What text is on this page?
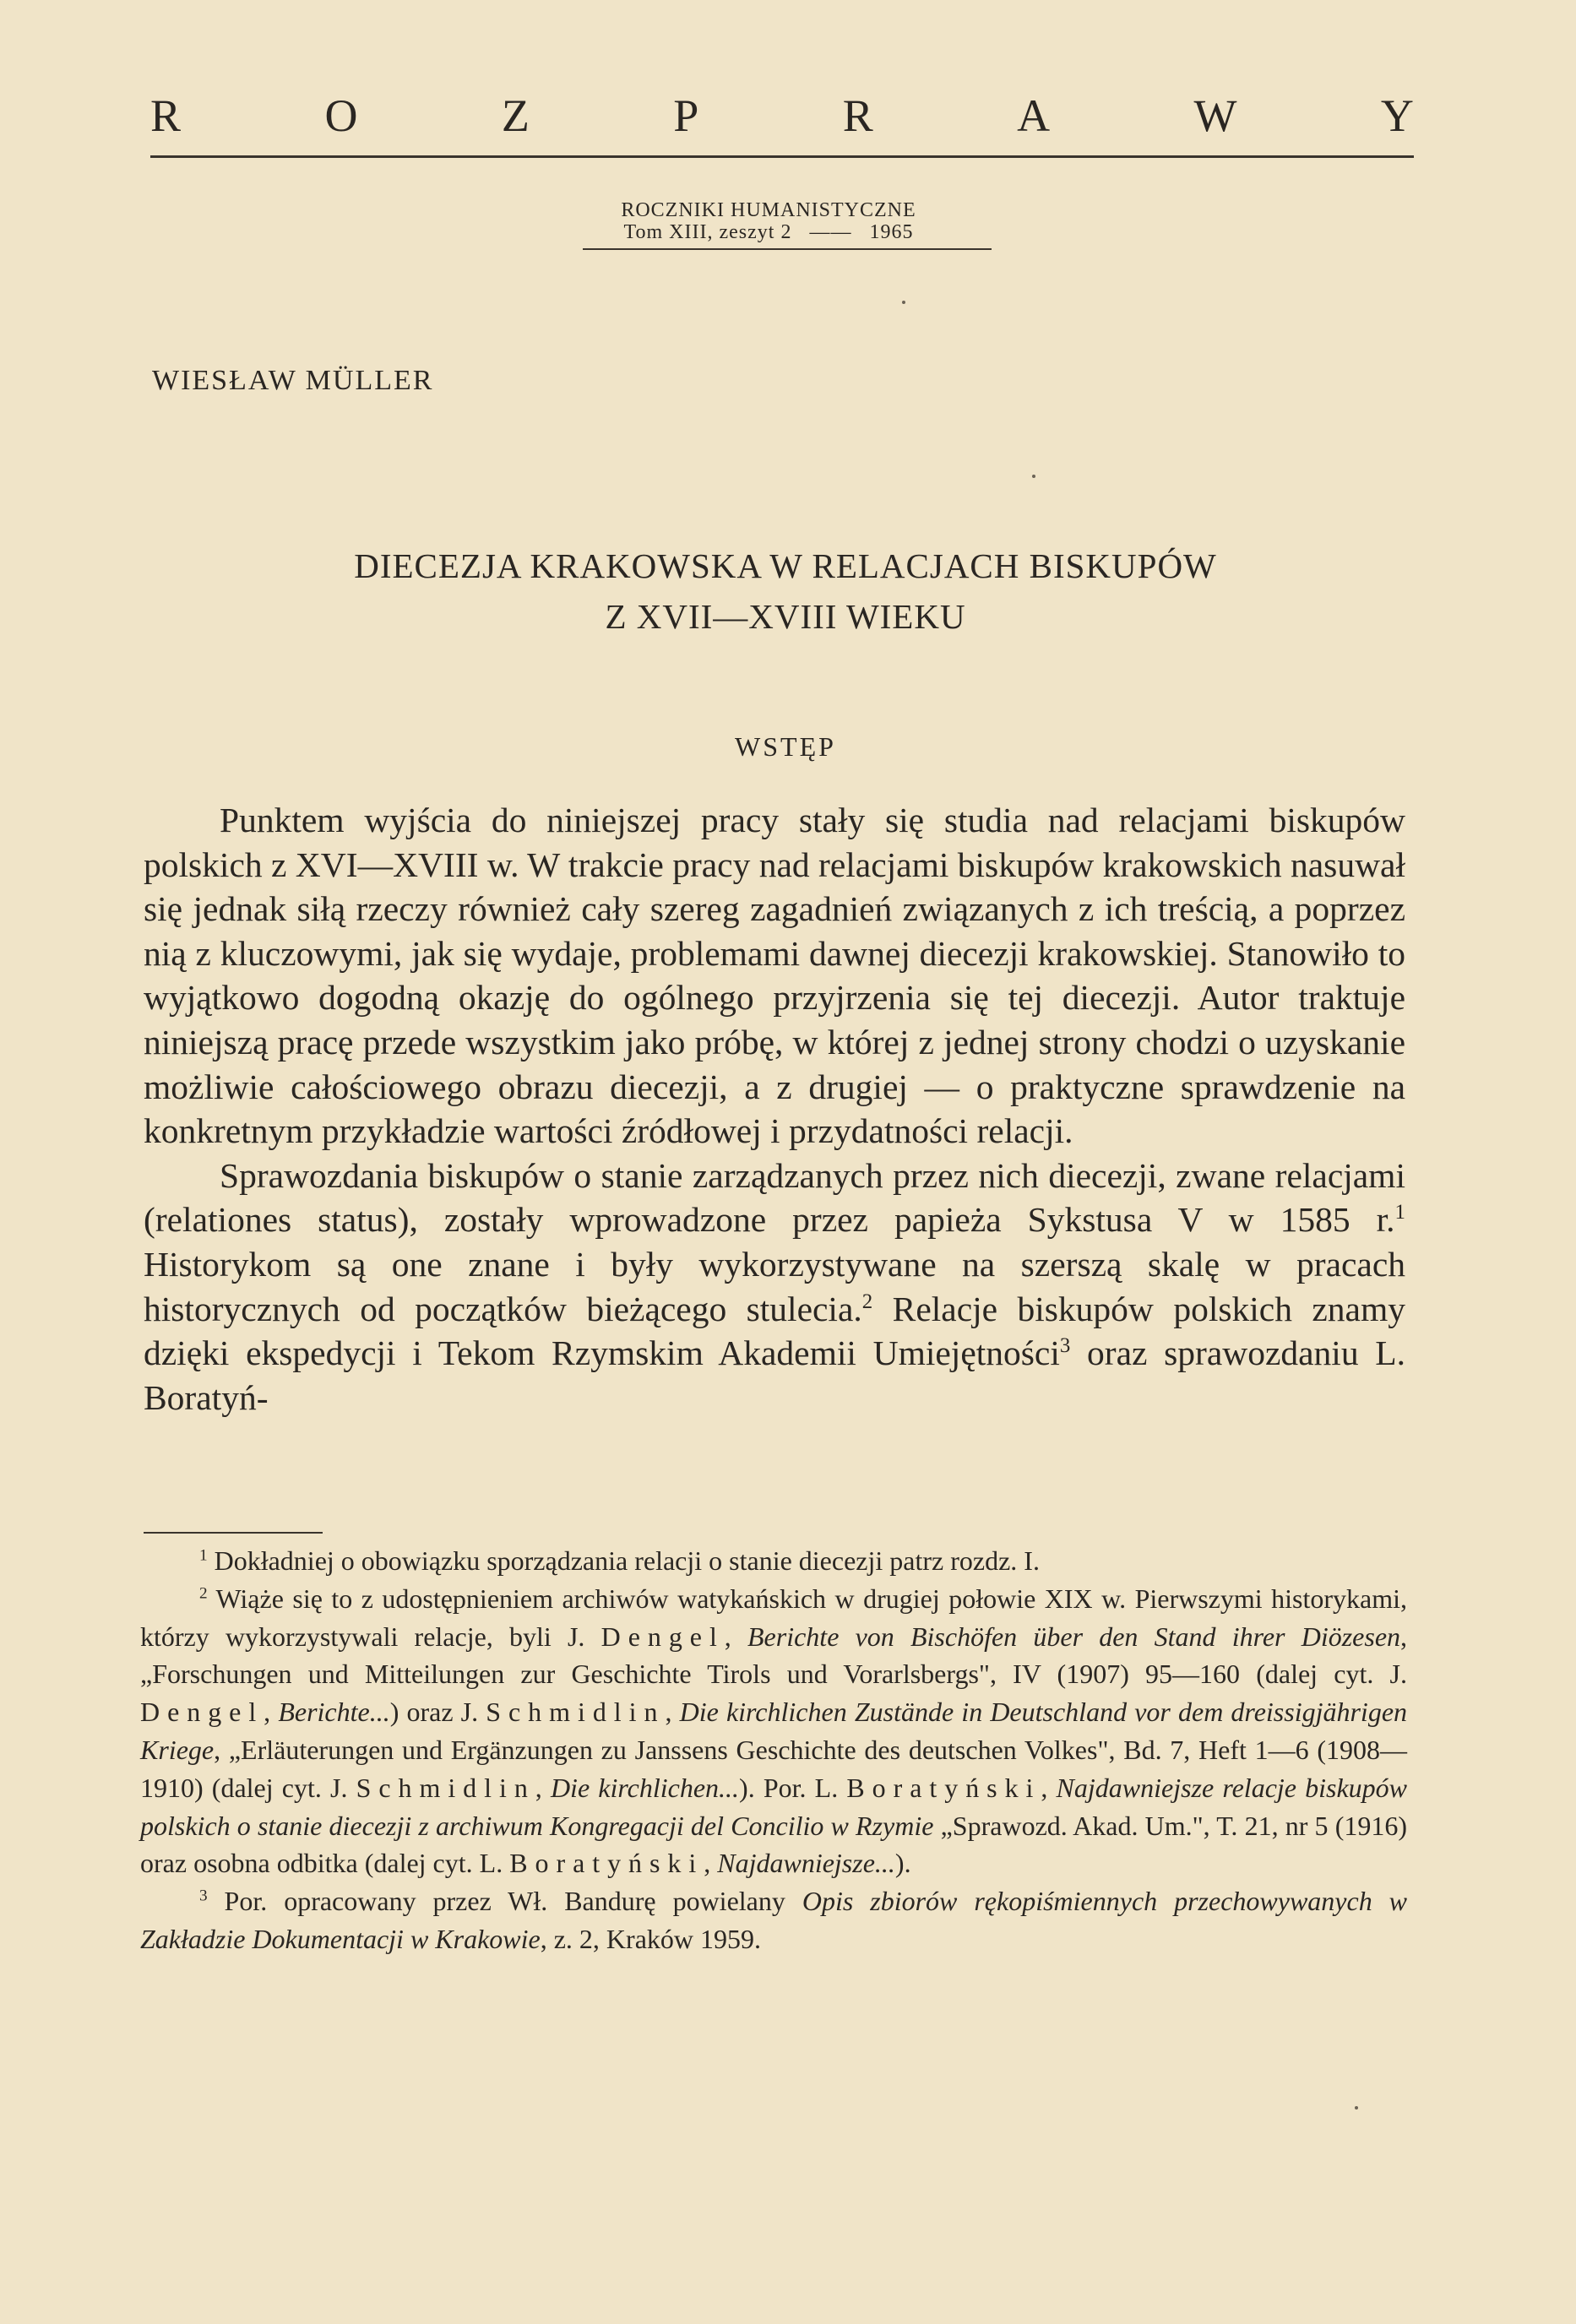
R	O	Z	P	R	A	W	Y
ROCZNIKI HUMANISTYCZNE
Tom XIII, zeszyt 2 —— 1965
WIESŁAW MÜLLER
DIECEZJA KRAKOWSKA W RELACJACH BISKUPÓW
Z XVII—XVIII WIEKU
WSTĘP

Punktem wyjścia do niniejszej pracy stały się studia nad relacjami biskupów polskich z XVI—XVIII w. W trakcie pracy nad relacjami biskupów krakowskich nasuwał się jednak siłą rzeczy również cały szereg zagadnień związanych z ich treścią, a poprzez nią z kluczowymi, jak się wydaje, problemami dawnej diecezji krakowskiej. Stanowiło to wyjątkowo dogodną okazję do ogólnego przyjrzenia się tej diecezji. Autor traktuje niniejszą pracę przede wszystkim jako próbę, w której z jednej strony chodzi o uzyskanie możliwie całościowego obrazu diecezji, a z drugiej — o praktyczne sprawdzenie na konkretnym przykładzie wartości źródłowej i przydatności relacji.

Sprawozdania biskupów o stanie zarządzanych przez nich diecezji, zwane relacjami (relationes status), zostały wprowadzone przez papieża Sykstusa V w 1585 r.$^1$ Historykom są one znane i były wykorzystywane na szerszą skalę w pracach historycznych od początków bieżącego stulecia.$^2$ Relacje biskupów polskich znamy dzięki ekspedycji i Tekom Rzymskim Akademii Umiejętności$^3$ oraz sprawozdaniu L. Boratyń-

$^1$ Dokładniej o obowiązku sporządzania relacji o stanie diecezji patrz rozdz. I.

$^2$ Wiąże się to z udostępnieniem archiwów watykańskich w drugiej połowie XIX w. Pierwszymi historykami, którzy wykorzystywali relacje, byli J. Dengel, Berichte von Bischöfen über den Stand ihrer Diözesen, „Forschungen und Mitteilungen zur Geschichte Tirols und Vorarlsbergs", IV (1907) 95—160 (dalej cyt. J. Dengel, Berichte...) oraz J. Schmidlin, Die kirchlichen Zustände in Deutschland vor dem dreissigjährigen Kriege, „Erläuterungen und Ergänzungen zu Janssens Geschichte des deutschen Volkes", Bd. 7, Heft 1—6 (1908—1910) (dalej cyt. J. Schmidlin, Die kirchlichen...). Por. L. Boratyński, Najdawniejsze relacje biskupów polskich o stanie diecezji z archiwum Kongregacji del Concilio w Rzymie „Sprawozd. Akad. Um.", T. 21, nr 5 (1916) oraz osobna odbitka (dalej cyt. L. Boratyński, Najdawniejsze...).

$^3$ Por. opracowany przez Wł. Bandurę powielany Opis zbiorów rękopiśmiennych przechowywanych w Zakładzie Dokumentacji w Krakowie, z. 2, Kraków 1959.
